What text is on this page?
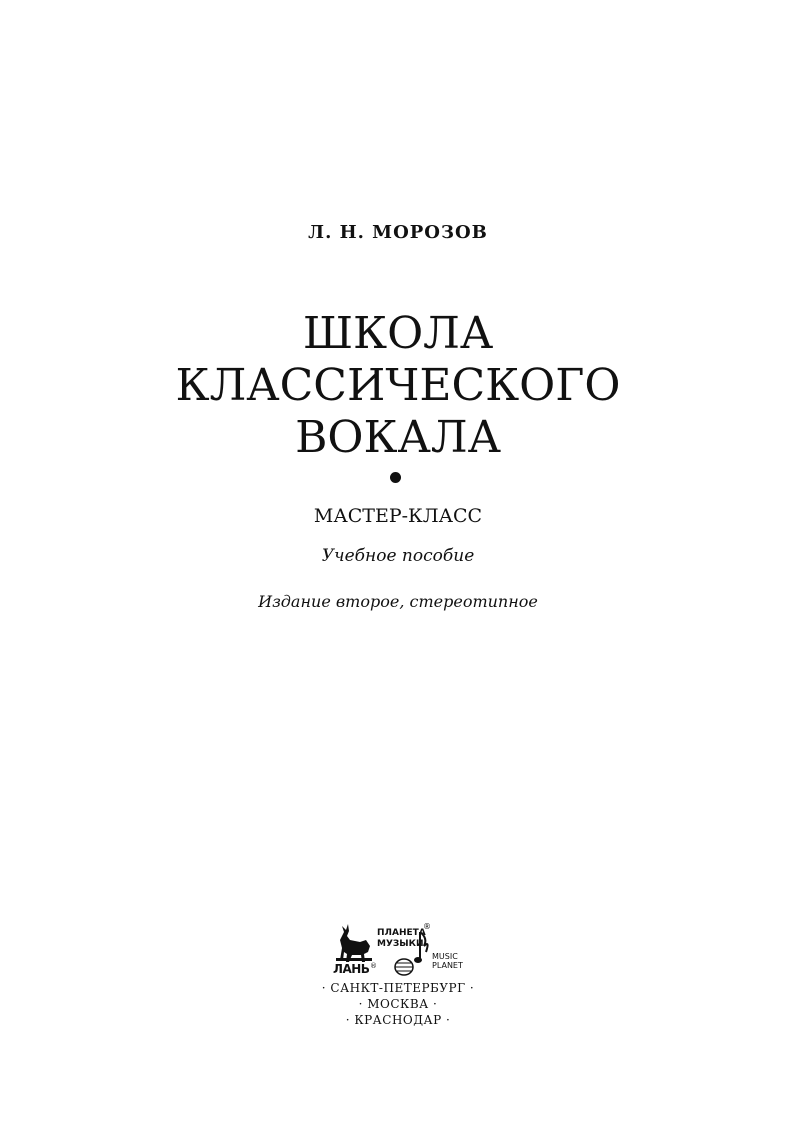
Л. Н. МОРОЗОВ
ШКОЛА
КЛАССИЧЕСКОГО
ВОКАЛА
МАСТЕР-КЛАСС
Учебное пособие
Издание второе, стереотипное
ЛАНЬ ®
ПЛАНЕТА
МУЗЫКИ
®
MUSIC
PLANET
· САНКТ-ПЕТЕРБУРГ ·
· МОСКВА ·
· КРАСНОДАР ·
